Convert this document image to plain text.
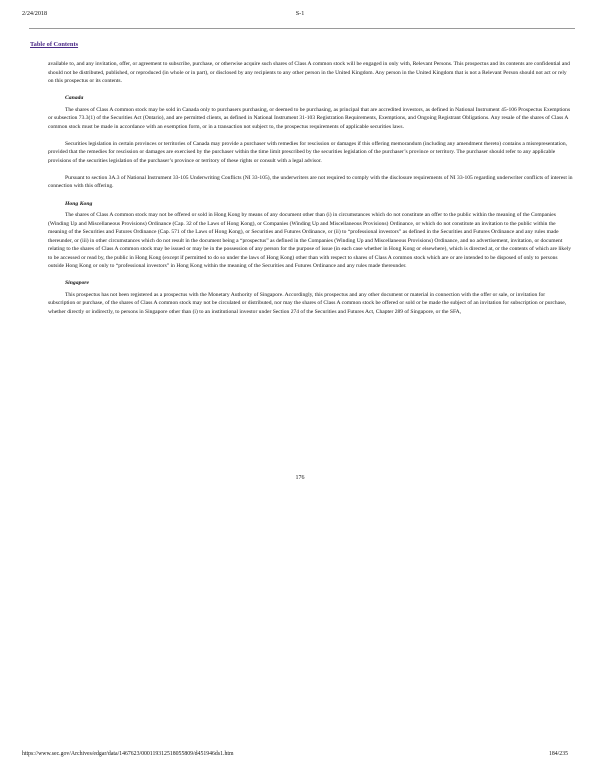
2/24/2018	S-1
Table of Contents

available to, and any invitation, offer, or agreement to subscribe, purchase, or otherwise acquire such shares of Class A common stock will be engaged in only with, Relevant Persons. This prospectus and its contents are confidential and should not be distributed, published, or reproduced (in whole or in part), or disclosed by any recipients to any other person in the United Kingdom. Any person in the United Kingdom that is not a Relevant Person should not act or rely on this prospectus or its contents.

Canada

The shares of Class A common stock may be sold in Canada only to purchasers purchasing, or deemed to be purchasing, as principal that are accredited investors, as defined in National Instrument 45-106 Prospectus Exemptions or subsection 73.3(1) of the Securities Act (Ontario), and are permitted clients, as defined in National Instrument 31-103 Registration Requirements, Exemptions, and Ongoing Registrant Obligations. Any resale of the shares of Class A common stock must be made in accordance with an exemption form, or in a transaction not subject to, the prospectus requirements of applicable securities laws.

Securities legislation in certain provinces or territories of Canada may provide a purchaser with remedies for rescission or damages if this offering memorandum (including any amendment thereto) contains a misrepresentation, provided that the remedies for rescission or damages are exercised by the purchaser within the time limit prescribed by the securities legislation of the purchaser’s province or territory. The purchaser should refer to any applicable provisions of the securities legislation of the purchaser’s province or territory of these rights or consult with a legal advisor.

Pursuant to section 3A.3 of National Instrument 33-105 Underwriting Conflicts (NI 33-105), the underwriters are not required to comply with the disclosure requirements of NI 33-105 regarding underwriter conflicts of interest in connection with this offering.

Hong Kong

The shares of Class A common stock may not be offered or sold in Hong Kong by means of any document other than (i) in circumstances which do not constitute an offer to the public within the meaning of the Companies (Winding Up and Miscellaneous Provisions) Ordinance (Cap. 32 of the Laws of Hong Kong), or Companies (Winding Up and Miscellaneous Provisions) Ordinance, or which do not constitute an invitation to the public within the meaning of the Securities and Futures Ordinance (Cap. 571 of the Laws of Hong Kong), or Securities and Futures Ordinance, or (ii) to “professional investors” as defined in the Securities and Futures Ordinance and any rules made thereunder, or (iii) in other circumstances which do not result in the document being a “prospectus” as defined in the Companies (Winding Up and Miscellaneous Provisions) Ordinance, and no advertisement, invitation, or document relating to the shares of Class A common stock may be issued or may be in the possession of any person for the purpose of issue (in each case whether in Hong Kong or elsewhere), which is directed at, or the contents of which are likely to be accessed or read by, the public in Hong Kong (except if permitted to do so under the laws of Hong Kong) other than with respect to shares of Class A common stock which are or are intended to be disposed of only to persons outside Hong Kong or only to “professional investors” in Hong Kong within the meaning of the Securities and Futures Ordinance and any rules made thereunder.

Singapore

This prospectus has not been registered as a prospectus with the Monetary Authority of Singapore. Accordingly, this prospectus and any other document or material in connection with the offer or sale, or invitation for subscription or purchase, of the shares of Class A common stock may not be circulated or distributed, nor may the shares of Class A common stock be offered or sold or be made the subject of an invitation for subscription or purchase, whether directly or indirectly, to persons in Singapore other than (i) to an institutional investor under Section 274 of the Securities and Futures Act, Chapter 289 of Singapore, or the SFA,

176
https://www.sec.gov/Archives/edgar/data/1467623/000119312518055809/d451946ds1.htm	184/235
